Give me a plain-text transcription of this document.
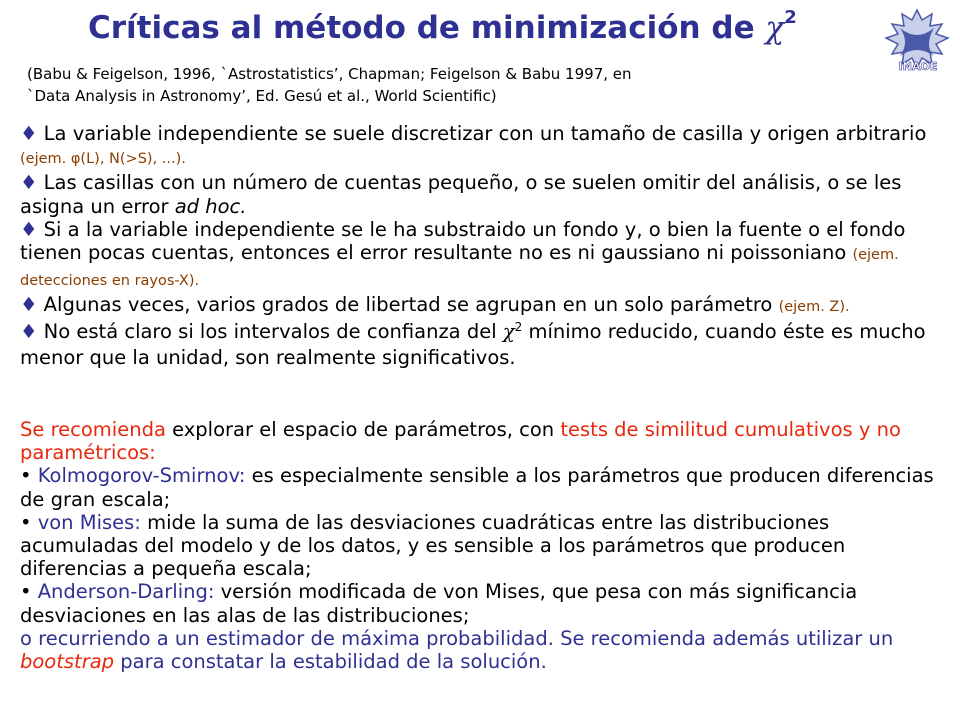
Críticas al método de minimización de $\chi^2$
INAOE
(Babu & Feigelson, 1996, `Astrostatistics’, Chapman; Feigelson & Babu 1997, en
`Data Analysis in Astronomy’, Ed. Gesú et al., World Scientific)

♦ La variable independiente se suele discretizar con un tamaño de casilla y origen arbitrario (ejem. φ(L), N(>S), ...).

♦ Las casillas con un número de cuentas pequeño, o se suelen omitir del análisis, o se les asigna un error ad hoc.

♦ Si a la variable independiente se le ha substraido un fondo y, o bien la fuente o el fondo tienen pocas cuentas, entonces el error resultante no es ni gaussiano ni poissoniano (ejem. detecciones en rayos-X).

♦ Algunas veces, varios grados de libertad se agrupan en un solo parámetro (ejem. Z).

♦ No está claro si los intervalos de confianza del $\chi^2$ mínimo reducido, cuando éste es mucho menor que la unidad, son realmente significativos.

Se recomienda explorar el espacio de parámetros, con tests de similitud cumulativos y no paramétricos:

• Kolmogorov-Smirnov: es especialmente sensible a los parámetros que producen diferencias de gran escala;

• von Mises: mide la suma de las desviaciones cuadráticas entre las distribuciones acumuladas del modelo y de los datos, y es sensible a los parámetros que producen diferencias a pequeña escala;

• Anderson-Darling: versión modificada de von Mises, que pesa con más significancia desviaciones en las alas de las distribuciones;

o recurriendo a un estimador de máxima probabilidad. Se recomienda además utilizar un bootstrap para constatar la estabilidad de la solución.
